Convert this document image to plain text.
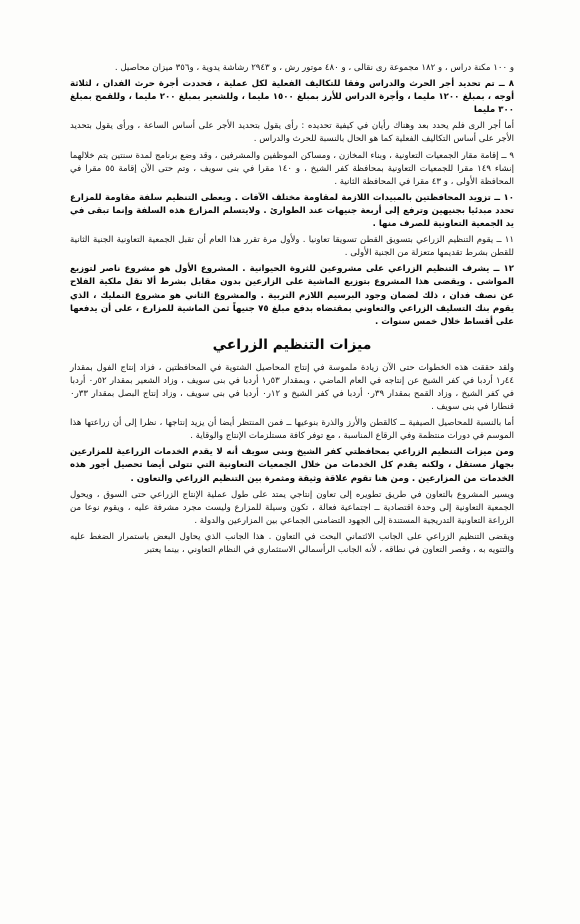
و ١٠٠ مكنة دراس ، و ١٨٢ مجموعة رى نقالى ، و ٤٨٠ موتور رش ، و ٢٩٤٣ رشاشة يدوية ، و٣٥٦ ميزان محاصيل .

٨ ــ تم تحديد أجر الحرث والدراس وفقا للتكاليف الفعلية لكل عملية ، فحددت أجرة حرث الفدان ، لثلاثة أوجه ، بمبلغ ١٢٠٠ مليما ، وأجرة الدراس للأرز بمبلغ ١٥٠٠ مليما ، وللشعير بمبلغ ٢٠٠ مليما ، وللقمح بمبلغ ٣٠٠ مليما

أما أجر الرى فلم يحدد بعد وهناك رأيان في كيفية تحديده : رأى يقول بتحديد الأجر على أساس الساعة ، ورأى يقول بتحديد الأجر على أساس التكاليف الفعلية كما هو الحال بالنسبة للحرث والدراس .

٩ ــ إقامة مقار الجمعيات التعاونية ، وبناء المخازن ، ومساكن الموظفين والمشرفين ، وقد وضع برنامج لمدة سنتين يتم خلالهما إنشاء ١٤٩ مقرا للجمعيات التعاونية بمحافظة كفر الشيخ ، و ١٤٠ مقرا في بنى سويف ، وتم حتى الآن إقامة ٥٥ مقرا في المحافظة الأولى ، و ٤٣ مقرا في المحافظة الثانية .

١٠ ــ تزويد المحافظتين بالمبيدات اللازمة لمقاومة مختلف الآفات . ويعطى التنظيم سلفة مقاومة للمزارع تحدد مبدئيا بجنيهين وترفع إلى أربعة جنيهات عند الطوارئ . ولايتسلم المزارع هذه السلفة وإنما تبقى في يد الجمعية التعاونية للصرف منها .

١١ ــ يقوم التنظيم الزراعي بتسويق القطن تسويقا تعاونيا . ولأول مرة تقرر هذا العام أن تقبل الجمعية التعاونية الجنية الثانية للقطن بشرط تقديمها متعزلة من الجنية الأولى .

١٢ ــ يشرف التنظيم الزراعي على مشروعين للثروة الحيوانية . المشروع الأول هو مشروع ناصر لتوزيع المواشى . ويقضى هذا المشروع بتوزيع الماشية على الزارعين بدون مقابل بشرط ألا تقل ملكية الفلاح عن نصف فدان ، ذلك لضمان وجود البرسيم اللازم التربية . والمشروع الثاني هو مشروع التمليك ، الذي يقوم بنك التسليف الزراعي والتعاوني بمقتضاه بدفع مبلغ ٧٥ جنيهاً ثمن الماشية للمزارع ، على أن يدفعها على أقساط خلال خمس سنوات .

ميزات التنظيم الزراعي

ولقد حققت هذه الخطوات حتى الآن زيادة ملموسة في إنتاج المحاصيل الشتوية في المحافظتين ، فزاد إنتاج الفول بمقدار ٤٤ر١ أردبا في كفر الشيخ عن إنتاجه في العام الماضي ، وبمقدار ٥٣ر١ أردبا في بنى سويف ، وزاد الشعير بمقدار ٥٢ر٠ أردبا في كفر الشيخ ، وزاد القمح بمقدار ٣٩ر٠ أردبا في كفر الشيخ و ١٢ر٠ أردبا في بنى سويف ، وزاد إنتاج البصل بمقدار ٣٣ر٠ قنطارا في بنى سويف .

أما بالنسبة للمحاصيل الصيفية ــ كالقطن والأرز والذرة بنوعيها ــ فمن المنتظر أيضا أن يزيد إنتاجها ، نظرا إلى أن زراعتها هذا الموسم في دورات منتظمة وفي الرقاع المناسبة ، مع توفر كافة مستلزمات الإنتاج والوقاية .

ومن ميزات التنظيم الزراعي بمحافظتي كفر الشيخ وبنى سويف أنه لا يقدم الخدمات الزراعية للمزارعين بجهاز مستقل ، ولكنه يقدم كل الخدمات من خلال الجمعيات التعاونية التي تتولى أيضا تحصيل أجور هذه الخدمات من المزارعين . ومن هنا تقوم علاقة وثيقة ومثمرة بين التنظيم الزراعي والتعاون .

ويسير المشروع بالتعاون في طريق تطويره إلى تعاون إنتاجي يمتد على طول عملية الإنتاج الزراعي حتى السوق ، ويحول الجمعية التعاونية إلى وحدة اقتصادية ــ اجتماعية فعالة ، تكون وسيلة للمزارع وليست مجرد مشرفة عليه ، ويقوم نوعا من الزراعة التعاونية التدريجية المستندة إلى الجهود التضامنى الجماعي بين المزارعين والدولة .

ويقضى التنظيم الزراعي على الجانب الائتماني البحت في التعاون . هذا الجانب الذي يحاول البعض باستمرار الضغط عليه والتنويه به ، وقصر التعاون في نطاقه ، لأنه الجانب الرأسمالي الاستثماري في النظام التعاوني ، بينما يعتبر
